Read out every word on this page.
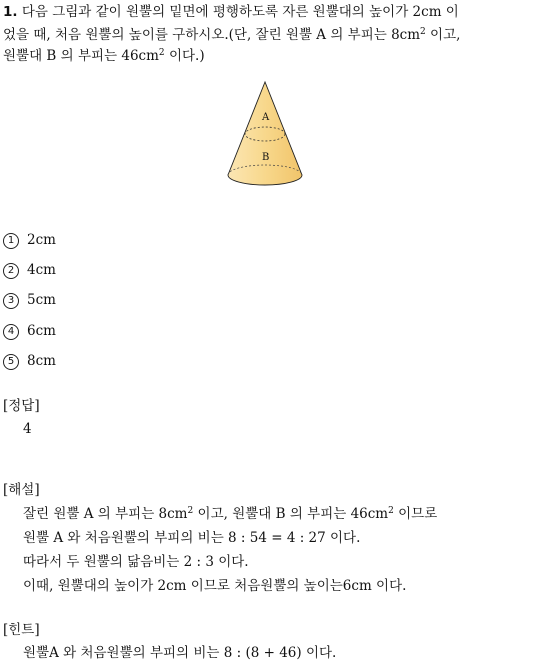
1. 다음 그림과 같이 원뿔의 밑면에 평행하도록 자른 원뿔대의 높이가 2cm 이
었을 때, 처음 원뿔의 높이를 구하시오.(단, 잘린 원뿔 A 의 부피는 $8cm^2$ 이고,
원뿔대 B 의 부피는 $46cm^2$ 이다.)
A
B
1 2cm
2 4cm
3 5cm
4 6cm
5 8cm
[정답]
4
[해설]
잘린 원뿔 A 의 부피는 $8cm^2$ 이고, 원뿔대 B 의 부피는 $46cm^2$ 이므로
원뿔 A 와 처음원뿔의 부피의 비는 8 : 54 = 4 : 27 이다.
따라서 두 원뿔의 닮음비는 2 : 3 이다.
이때, 원뿔대의 높이가 2cm 이므로 처음원뿔의 높이는6cm 이다.
[힌트]
원뿔A 와 처음원뿔의 부피의 비는 8 : (8 + 46) 이다.
